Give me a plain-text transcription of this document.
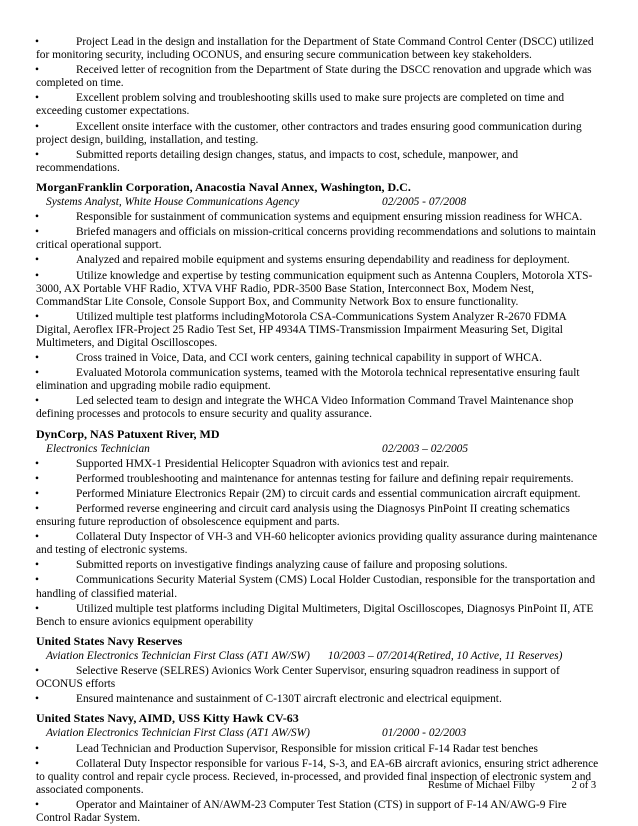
•	Project Lead in the design and installation for the Department of State Command Control Center (DSCC) utilized for monitoring security, including OCONUS, and ensuring secure communication between key stakeholders.
•	Received letter of recognition from the Department of State during the DSCC renovation and upgrade which was completed on time.
•	Excellent problem solving and troubleshooting skills used to make sure projects are completed on time and exceeding customer expectations.
•	Excellent onsite interface with the customer, other contractors and trades ensuring good communication during project design, building, installation, and testing.
•	Submitted reports detailing design changes, status, and impacts to cost, schedule, manpower, and recommendations.
MorganFranklin Corporation, Anacostia Naval Annex, Washington, D.C.
Systems Analyst, White House Communications Agency	02/2005 - 07/2008
•	Responsible for sustainment of communication systems and equipment ensuring mission readiness for WHCA.
•	Briefed managers and officials on mission-critical concerns providing recommendations and solutions to maintain critical operational support.
•	Analyzed and repaired mobile equipment and systems ensuring dependability and readiness for deployment.
•	Utilize knowledge and expertise by testing communication equipment such as Antenna Couplers, Motorola XTS-3000, AX Portable VHF Radio, XTVA VHF Radio, PDR-3500 Base Station, Interconnect Box, Modem Nest, CommandStar Lite Console, Console Support Box, and Community Network Box to ensure functionality.
•	Utilized multiple test platforms includingMotorola CSA-Communications System Analyzer R-2670 FDMA Digital, Aeroflex IFR-Project 25 Radio Test Set, HP 4934A TIMS-Transmission Impairment Measuring Set, Digital Multimeters, and Digital Oscilloscopes.
•	Cross trained in Voice, Data, and CCI work centers, gaining technical capability in support of WHCA.
•	Evaluated Motorola communication systems, teamed with the Motorola technical representative ensuring fault elimination and upgrading mobile radio equipment.
•	Led selected team to design and integrate the WHCA Video Information Command Travel Maintenance shop defining processes and protocols to ensure security and quality assurance.
DynCorp, NAS Patuxent River, MD
Electronics Technician	02/2003 – 02/2005
•	Supported HMX-1 Presidential Helicopter Squadron with avionics test and repair.
•	Performed troubleshooting and maintenance for antennas testing for failure and defining repair requirements.
•	Performed Miniature Electronics Repair (2M) to circuit cards and essential communication aircraft equipment.
•	Performed reverse engineering and circuit card analysis using the Diagnosys PinPoint II creating schematics ensuring future reproduction of obsolescence equipment and parts.
•	Collateral Duty Inspector of VH-3 and VH-60 helicopter avionics providing quality assurance during maintenance and testing of electronic systems.
•	Submitted reports on investigative findings analyzing cause of failure and proposing solutions.
•	Communications Security Material System (CMS) Local Holder Custodian, responsible for the transportation and handling of classified material.
•	Utilized multiple test platforms including Digital Multimeters, Digital Oscilloscopes, Diagnosys PinPoint II, ATE Bench to ensure avionics equipment operability
United States Navy Reserves
Aviation Electronics Technician First Class (AT1 AW/SW) 10/2003 – 07/2014(Retired, 10 Active, 11 Reserves)
•	Selective Reserve (SELRES) Avionics Work Center Supervisor, ensuring squadron readiness in support of OCONUS efforts
•	Ensured maintenance and sustainment of C-130T aircraft electronic and electrical equipment.
United States Navy, AIMD, USS Kitty Hawk CV-63
Aviation Electronics Technician First Class (AT1 AW/SW)	01/2000 - 02/2003
•	Lead Technician and Production Supervisor, Responsible for mission critical F-14 Radar test benches
•	Collateral Duty Inspector responsible for various F-14, S-3, and EA-6B aircraft avionics, ensuring strict adherence to quality control and repair cycle process. Recieved, in-processed, and provided final inspection of electronic system and associated components.
•	Operator and Maintainer of AN/AWM-23 Computer Test Station (CTS) in support of F-14 AN/AWG-9 Fire Control Radar System.
Resume of Michael Filby	2 of 3
